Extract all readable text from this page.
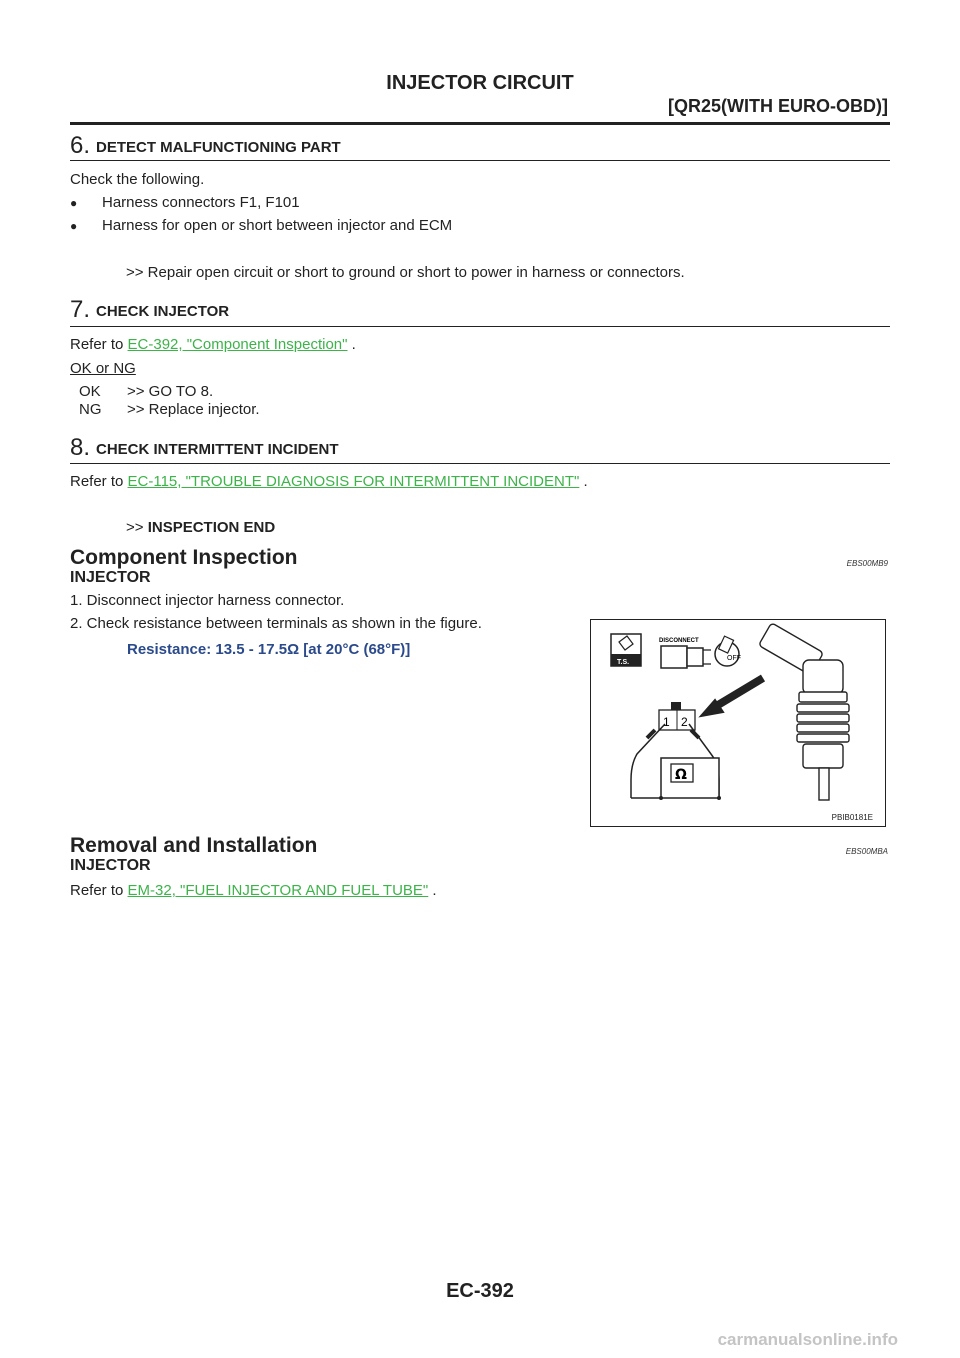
INJECTOR CIRCUIT
[QR25(WITH EURO-OBD)]
6. DETECT MALFUNCTIONING PART
Check the following.
● Harness connectors F1, F101
● Harness for open or short between injector and ECM
>> Repair open circuit or short to ground or short to power in harness or connectors.
7. CHECK INJECTOR
Refer to EC-392, "Component Inspection" .
OK or NG
OK >> GO TO 8.
NG >> Replace injector.
8. CHECK INTERMITTENT INCIDENT
Refer to EC-115, "TROUBLE DIAGNOSIS FOR INTERMITTENT INCIDENT" .
>> INSPECTION END
Component Inspection	EBS00MB9
INJECTOR
1. Disconnect injector harness connector.
2. Check resistance between terminals as shown in the figure.
Resistance: 13.5 - 17.5Ω [at 20°C (68°F)]
T.S.
DISCONNECT
OFF
1 2
Ω
PBIB0181E
Removal and Installation	EBS00MBA
INJECTOR
Refer to EM-32, "FUEL INJECTOR AND FUEL TUBE" .
EC-392
carmanualsonline.info
